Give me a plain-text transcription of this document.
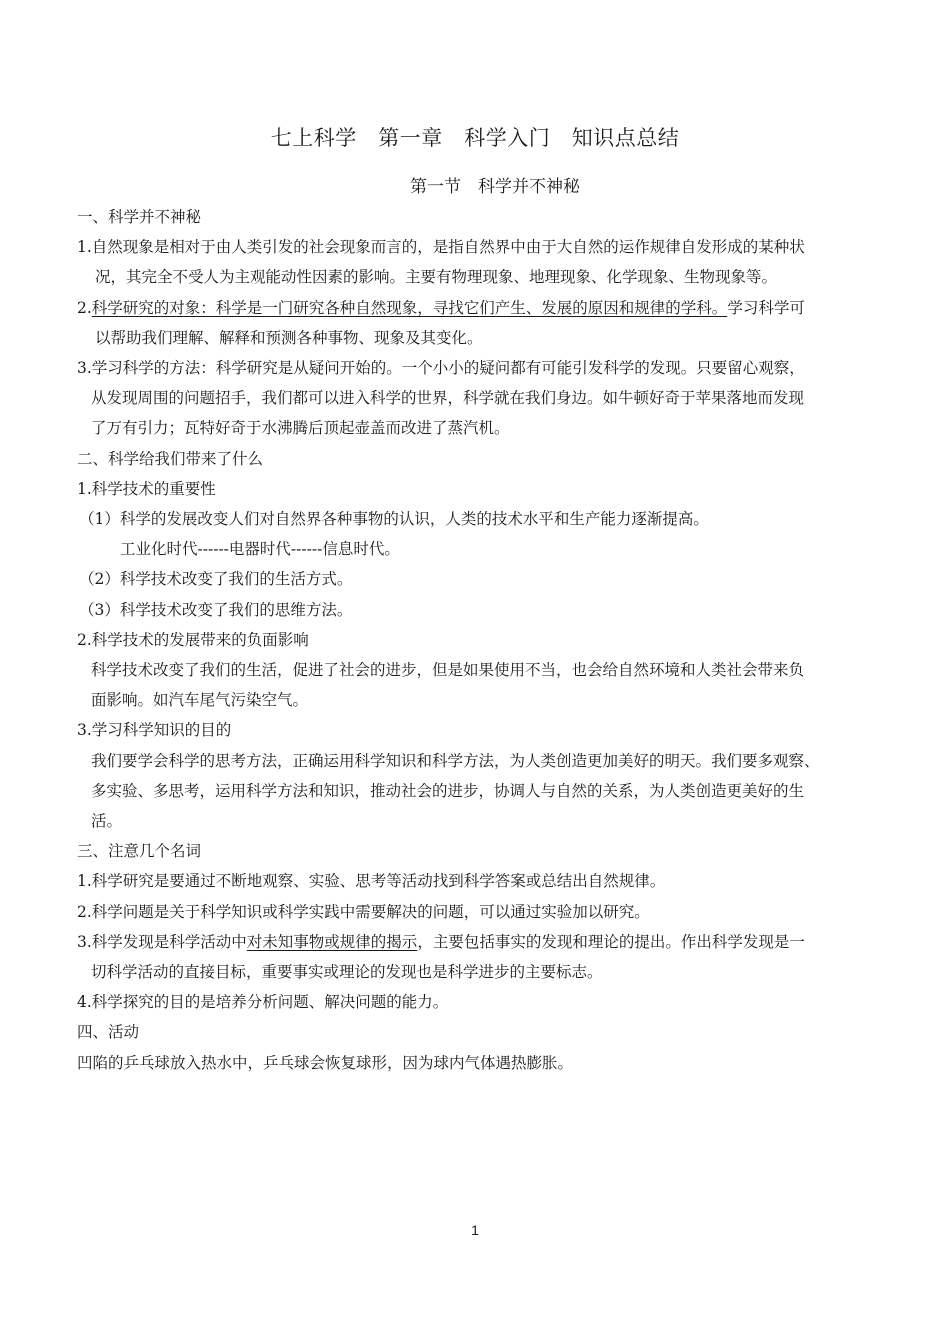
七上科学　第一章　科学入门　知识点总结
第一节　科学并不神秘

一、科学并不神秘

1.自然现象是相对于由人类引发的社会现象而言的，是指自然界中由于大自然的运作规律自发形成的某种状

况，其完全不受人为主观能动性因素的影响。主要有物理现象、地理现象、化学现象、生物现象等。

2.科学研究的对象：科学是一门研究各种自然现象，寻找它们产生、发展的原因和规律的学科。学习科学可

以帮助我们理解、解释和预测各种事物、现象及其变化。

3.学习科学的方法：科学研究是从疑问开始的。一个小小的疑问都有可能引发科学的发现。只要留心观察，

从发现周围的问题招手，我们都可以进入科学的世界，科学就在我们身边。如牛顿好奇于苹果落地而发现

了万有引力；瓦特好奇于水沸腾后顶起壶盖而改进了蒸汽机。

二、科学给我们带来了什么

1.科学技术的重要性

（1）科学的发展改变人们对自然界各种事物的认识，人类的技术水平和生产能力逐渐提高。

工业化时代------电器时代------信息时代。

（2）科学技术改变了我们的生活方式。

（3）科学技术改变了我们的思维方法。

2.科学技术的发展带来的负面影响

科学技术改变了我们的生活，促进了社会的进步，但是如果使用不当，也会给自然环境和人类社会带来负

面影响。如汽车尾气污染空气。

3.学习科学知识的目的

我们要学会科学的思考方法，正确运用科学知识和科学方法，为人类创造更加美好的明天。我们要多观察、

多实验、多思考，运用科学方法和知识，推动社会的进步，协调人与自然的关系，为人类创造更美好的生

活。

三、注意几个名词

1.科学研究是要通过不断地观察、实验、思考等活动找到科学答案或总结出自然规律。

2.科学问题是关于科学知识或科学实践中需要解决的问题，可以通过实验加以研究。

3.科学发现是科学活动中对未知事物或规律的揭示，主要包括事实的发现和理论的提出。作出科学发现是一

切科学活动的直接目标，重要事实或理论的发现也是科学进步的主要标志。

4.科学探究的目的是培养分析问题、解决问题的能力。

四、活动

凹陷的乒乓球放入热水中，乒乓球会恢复球形，因为球内气体遇热膨胀。

1
